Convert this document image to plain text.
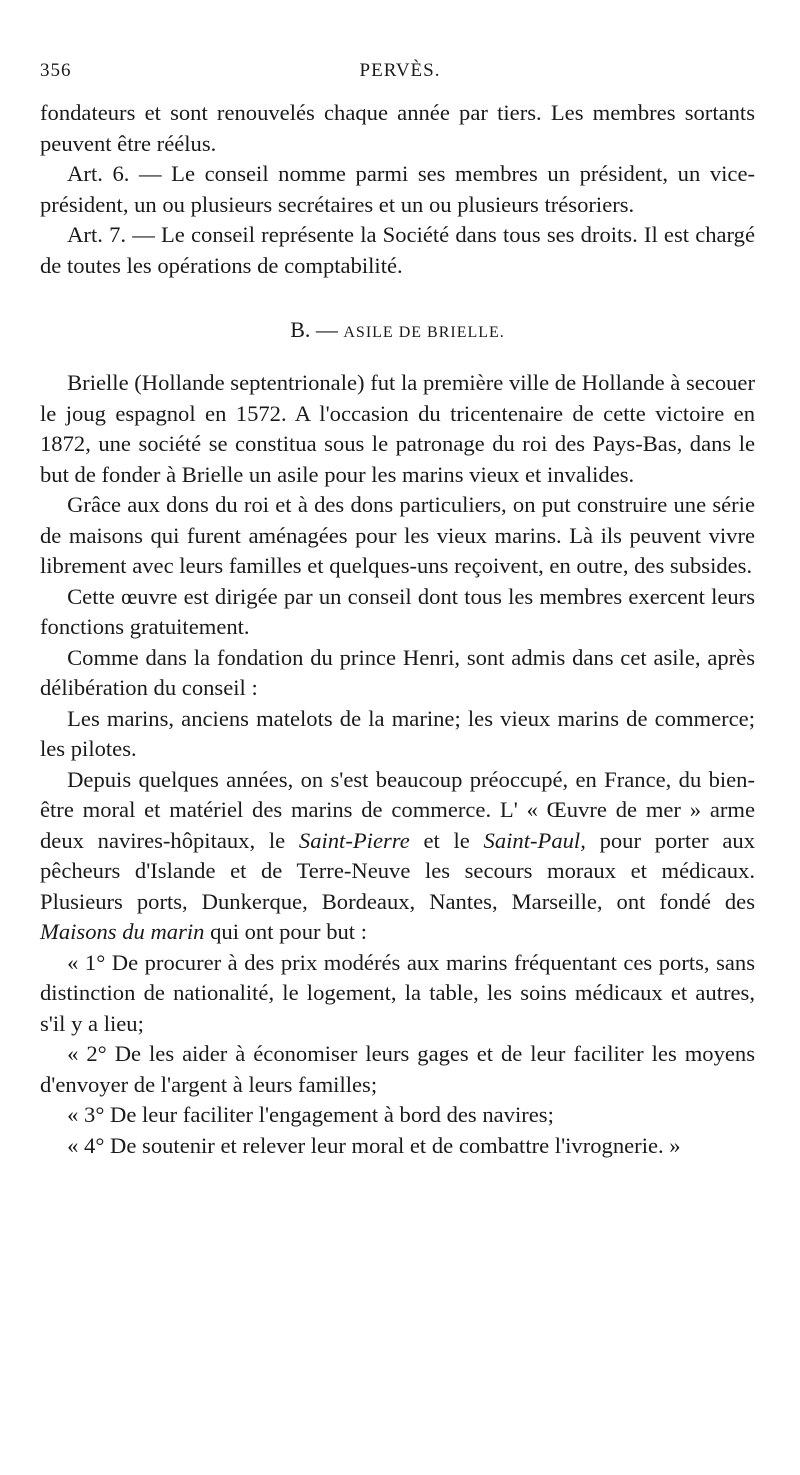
356	PERVÈS.

fondateurs et sont renouvelés chaque année par tiers. Les membres sortants peuvent être réélus.

Art. 6. — Le conseil nomme parmi ses membres un président, un vice-président, un ou plusieurs secrétaires et un ou plusieurs trésoriers.

Art. 7. — Le conseil représente la Société dans tous ses droits. Il est chargé de toutes les opérations de comptabilité.

B. — ASILE DE BRIELLE.

Brielle (Hollande septentrionale) fut la première ville de Hollande à secouer le joug espagnol en 1572. A l'occasion du tricentenaire de cette victoire en 1872, une société se constitua sous le patronage du roi des Pays-Bas, dans le but de fonder à Brielle un asile pour les marins vieux et invalides.

Grâce aux dons du roi et à des dons particuliers, on put construire une série de maisons qui furent aménagées pour les vieux marins. Là ils peuvent vivre librement avec leurs familles et quelques-uns reçoivent, en outre, des subsides.

Cette œuvre est dirigée par un conseil dont tous les membres exercent leurs fonctions gratuitement.

Comme dans la fondation du prince Henri, sont admis dans cet asile, après délibération du conseil :

Les marins, anciens matelots de la marine; les vieux marins de commerce; les pilotes.

Depuis quelques années, on s'est beaucoup préoccupé, en France, du bien-être moral et matériel des marins de commerce. L' « Œuvre de mer » arme deux navires-hôpitaux, le Saint-Pierre et le Saint-Paul, pour porter aux pêcheurs d'Islande et de Terre-Neuve les secours moraux et médicaux. Plusieurs ports, Dunkerque, Bordeaux, Nantes, Marseille, ont fondé des Maisons du marin qui ont pour but :

« 1° De procurer à des prix modérés aux marins fréquentant ces ports, sans distinction de nationalité, le logement, la table, les soins médicaux et autres, s'il y a lieu;

« 2° De les aider à économiser leurs gages et de leur faciliter les moyens d'envoyer de l'argent à leurs familles;

« 3° De leur faciliter l'engagement à bord des navires;

« 4° De soutenir et relever leur moral et de combattre l'ivrognerie. »
